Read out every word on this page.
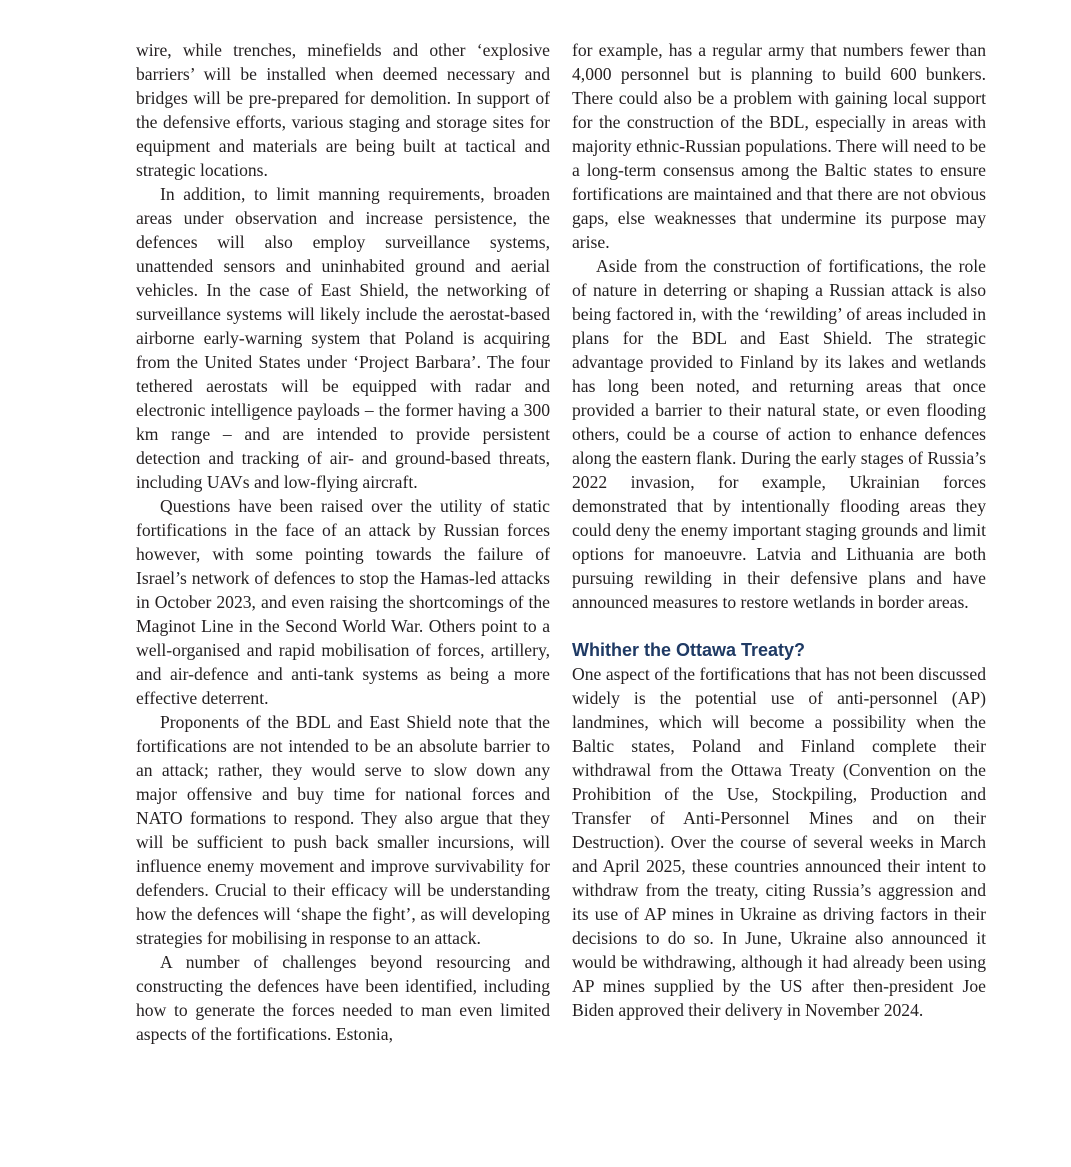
wire, while trenches, minefields and other ‘explosive barriers’ will be installed when deemed necessary and bridges will be pre-prepared for demolition. In support of the defensive efforts, various staging and storage sites for equipment and materials are being built at tactical and strategic locations.

In addition, to limit manning requirements, broaden areas under observation and increase persistence, the defences will also employ surveillance systems, unattended sensors and uninhabited ground and aerial vehicles. In the case of East Shield, the networking of surveillance systems will likely include the aerostat-based airborne early-warning system that Poland is acquiring from the United States under ‘Project Barbara’. The four tethered aerostats will be equipped with radar and electronic intelligence payloads – the former having a 300 km range – and are intended to provide persistent detection and tracking of air- and ground-based threats, including UAVs and low-flying aircraft.

Questions have been raised over the utility of static fortifications in the face of an attack by Russian forces however, with some pointing towards the failure of Israel’s network of defences to stop the Hamas-led attacks in October 2023, and even raising the shortcomings of the Maginot Line in the Second World War. Others point to a well-organised and rapid mobilisation of forces, artillery, and air-defence and anti-tank systems as being a more effective deterrent.

Proponents of the BDL and East Shield note that the fortifications are not intended to be an absolute barrier to an attack; rather, they would serve to slow down any major offensive and buy time for national forces and NATO formations to respond. They also argue that they will be sufficient to push back smaller incursions, will influence enemy movement and improve survivability for defenders. Crucial to their efficacy will be understanding how the defences will ‘shape the fight’, as will developing strategies for mobilising in response to an attack.

A number of challenges beyond resourcing and constructing the defences have been identified, including how to generate the forces needed to man even limited aspects of the fortifications. Estonia,

for example, has a regular army that numbers fewer than 4,000 personnel but is planning to build 600 bunkers. There could also be a problem with gaining local support for the construction of the BDL, especially in areas with majority ethnic-Russian populations. There will need to be a long-term consensus among the Baltic states to ensure fortifications are maintained and that there are not obvious gaps, else weaknesses that undermine its purpose may arise.

Aside from the construction of fortifications, the role of nature in deterring or shaping a Russian attack is also being factored in, with the ‘rewilding’ of areas included in plans for the BDL and East Shield. The strategic advantage provided to Finland by its lakes and wetlands has long been noted, and returning areas that once provided a barrier to their natural state, or even flooding others, could be a course of action to enhance defences along the eastern flank. During the early stages of Russia’s 2022 invasion, for example, Ukrainian forces demonstrated that by intentionally flooding areas they could deny the enemy important staging grounds and limit options for manoeuvre. Latvia and Lithuania are both pursuing rewilding in their defensive plans and have announced measures to restore wetlands in border areas.

Whither the Ottawa Treaty?

One aspect of the fortifications that has not been discussed widely is the potential use of anti-personnel (AP) landmines, which will become a possibility when the Baltic states, Poland and Finland complete their withdrawal from the Ottawa Treaty (Convention on the Prohibition of the Use, Stockpiling, Production and Transfer of Anti-Personnel Mines and on their Destruction). Over the course of several weeks in March and April 2025, these countries announced their intent to withdraw from the treaty, citing Russia’s aggression and its use of AP mines in Ukraine as driving factors in their decisions to do so. In June, Ukraine also announced it would be withdrawing, although it had already been using AP mines supplied by the US after then-president Joe Biden approved their delivery in November 2024.
